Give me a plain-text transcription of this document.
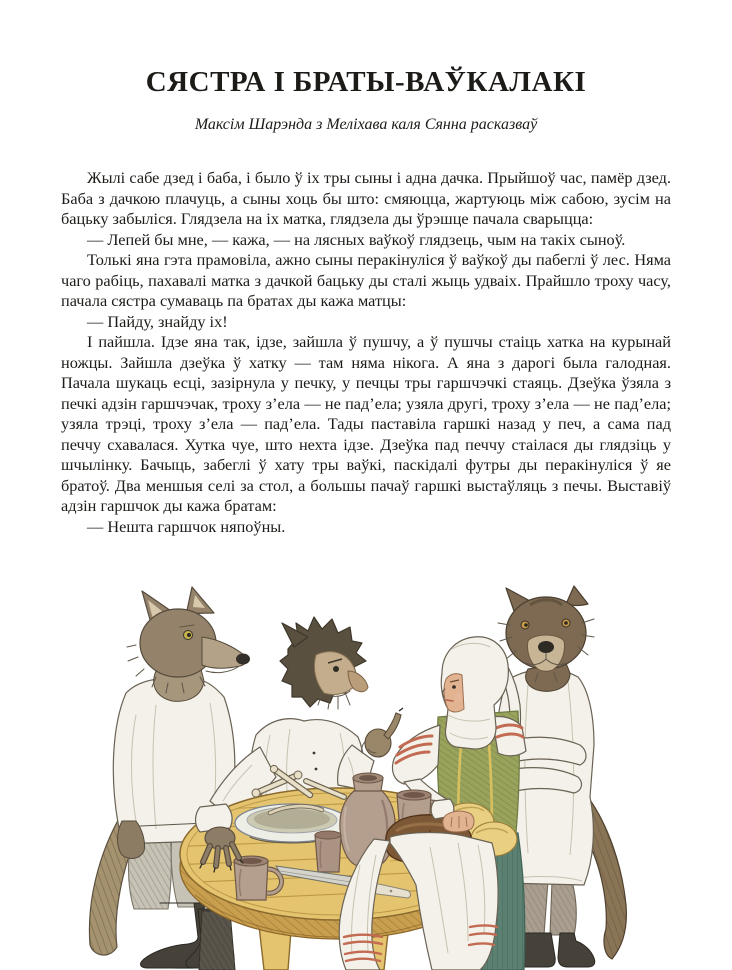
СЯСТРА І БРАТЫ-ВАЎКАЛАКІ
Максім Шарэнда з Меліхава каля Сянна расказваў

Жылі сабе дзед і баба, і было ў іх тры сыны і адна дачка. Прыйшоў час, памёр дзед. Баба з дачкою плачуць, а сыны хоць бы што: смяюцца, жартуюць між сабою, зусім на бацьку забыліся. Глядзела на іх матка, глядзела ды ўрэшце пачала сварыцца:

— Лепей бы мне, — кажа, — на лясных ваўкоў глядзець, чым на такіх сыноў.

Толькі яна гэта прамовіла, ажно сыны перакінуліся ў ваўкоў ды пабеглі ў лес. Няма чаго рабіць, пахавалі матка з дачкой бацьку ды сталі жыць удваіх. Прайшло троху часу, пачала сястра сумаваць па братах ды кажа матцы:

— Пайду, знайду іх!

І пайшла. Ідзе яна так, ідзе, зайшла ў пушчу, а ў пушчы стаіць хатка на курынай ножцы. Зайшла дзеўка ў хатку — там няма нікога. А яна з дарогі была галодная. Пачала шукаць есці, зазірнула у печку, у печцы тры гаршчэчкі стаяць. Дзеўка ўзяла з печкі адзін гаршчэчак, троху з’ела — не пад’ела; узяла другі, троху з’ела — не пад’ела; узяла трэці, троху з’ела — пад’ела. Тады паставіла гаршкі назад у печ, а сама пад печчу схавалася. Хутка чуе, што нехта ідзе. Дзеўка пад печчу стаілася ды глядзіць у шчылінку. Бачыць, забеглі ў хату тры ваўкі, паскідалі футры ды перакінуліся ў яе братоў. Два меншыя селі за стол, а большы пачаў гаршкі выстаўляць з печы. Выставіў адзін гаршчок ды кажа братам:

— Нешта гаршчок няпоўны.
